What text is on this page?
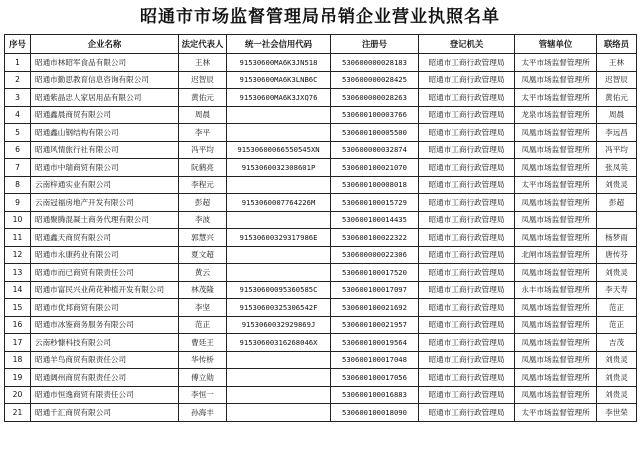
昭通市市场监督管理局吊销企业营业执照名单
序号	企业名称	法定代表人	统一社会信用代码	注册号	登记机关	管辖单位	联络员
1	昭通市林昭军食品有限公司	王林	91530600MA6K3JN518	530600000028183	昭通市工商行政管理局	太平市场监督管理所	王林
2	昭通市勤思教育信息咨询有限公司	迟智辰	91530600MA6K3LNB6C	530600000028425	昭通市工商行政管理局	凤凰市场监督管理所	迟智辰
3	昭通紫晶忠人家居用品有限公司	黄佑元	91530600MA6K3JXQ76	530600000028263	昭通市工商行政管理局	太平市场监督管理所	黄佑元
4	昭通鑫晨商贸有限公司	周晨		530600100003766	昭通市工商行政管理局	龙泉市场监督管理所	周晨
5	昭通鑫山钢结构有限公司	李平		530600100005500	昭通市工商行政管理局	凤凰市场监督管理所	李远昌
6	昭通风情旅行社有限公司	冯平均	91530600066550545XN	530600000032874	昭通市工商行政管理局	凤凰市场监督管理所	冯平均
7	昭通市中瑞商贸有限公司	阮鹤亮	9153060032308601P	530600100021070	昭通市工商行政管理局	凤凰市场监督管理所	张凤英
8	云南梓通实业有限公司	李程元		530600100008018	昭通市工商行政管理局	太平市场监督管理所	刘贵灵
9	云南冠福房地产开发有限公司	彭超	9153060007764226M	530600100015729	昭通市工商行政管理局	凤凰市场监督管理所	彭超
10	昭通聚腾混凝土商务代理有限公司	李波		530600100014435	昭通市工商行政管理局	凤凰市场监督管理所	
11	昭通鑫天商贸有限公司	郭慧兴	91530600329317986E	530600100022322	昭通市工商行政管理局	凤凰市场监督管理所	杨梦雨
12	昭通市永康药业有限公司	夏文超		530600000022306	昭通市工商行政管理局	北闸市场监督管理所	唐传芬
13	昭通市而已商贸有限责任公司	黄云		530600100017520	昭通市工商行政管理局	凤凰市场监督管理所	刘贵灵
14	昭通市富民兴业荷花种植开发有限公司	林茂隆	91530600095360585C	530600100017097	昭通市工商行政管理局	永丰市场监督管理所	李天寿
15	昭通市优邦商贸有限公司	李坚	91530600325306542F	530600100021692	昭通市工商行政管理局	凤凰市场监督管理所	范正
16	昭通市冰鉴商务服务有限公司	范正	9153060032929869J	530600100021957	昭通市工商行政管理局	凤凰市场监督管理所	范正
17	云南秒慷科技有限公司	曹廷王	91530600316268046X	530600100019564	昭通市工商行政管理局	凤凰市场监督管理所	吉茂
18	昭通羊鸟商贸有限责任公司	华传桥		530600100017048	昭通市工商行政管理局	凤凰市场监督管理所	刘贵灵
19	昭通阔州商贸有限责任公司	傅立勋		530600100017056	昭通市工商行政管理局	凤凰市场监督管理所	刘贵灵
20	昭通市恒逸商贸有限责任公司	李恒一		530600100016883	昭通市工商行政管理局	凤凰市场监督管理所	刘贵灵
21	昭通千汇商贸有限公司	孙海丰		530600100018090	昭通市工商行政管理局	太平市场监督管理所	李世荣
